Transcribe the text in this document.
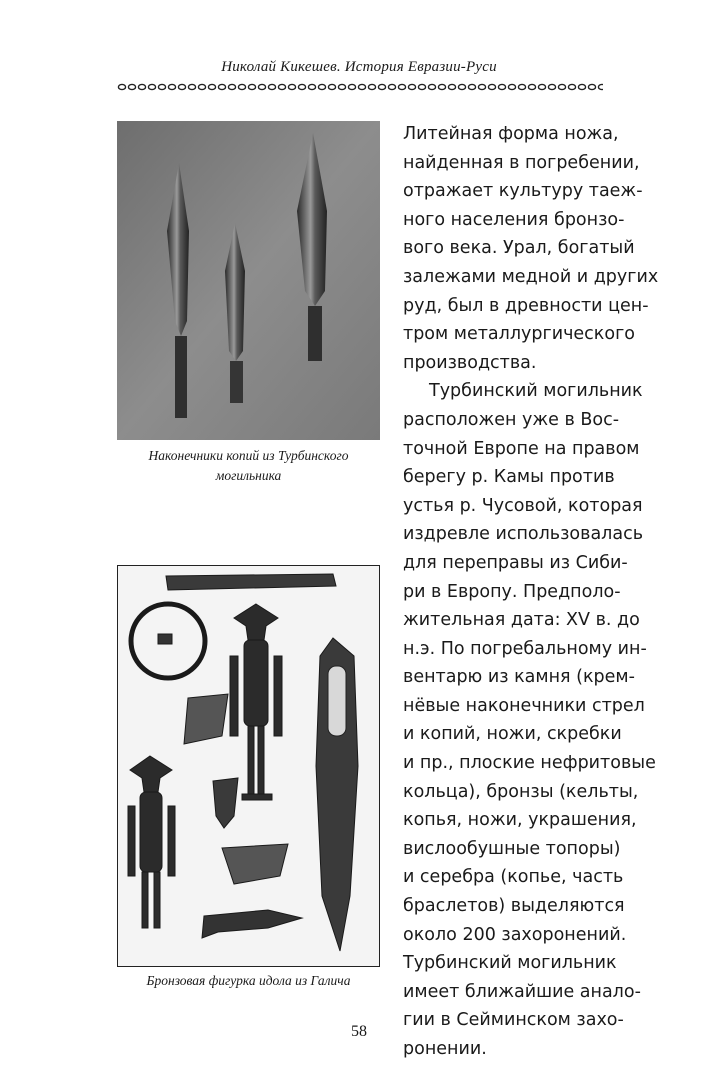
Николай Кикешев. История Евразии-Руси
Наконечники копий из Турбинского
могильника
Бронзовая фигурка идола из Галича
Литейная форма ножа,
найденная в погребении,
отражает культуру таеж-
ного населения бронзо-
вого века. Урал, богатый
залежами медной и других
руд, был в древности цен-
тром металлургического
производства.
Турбинский могильник
расположен уже в Вос-
точной Европе на правом
берегу р. Камы против
устья р. Чусовой, которая
издревле использовалась
для переправы из Сиби-
ри в Европу. Предполо-
жительная дата: XV в. до
н.э. По погребальному ин-
вентарю из камня (крем-
нёвые наконечники стрел
и копий, ножи, скребки
и пр., плоские нефритовые
кольца), бронзы (кельты,
копья, ножи, украшения,
вислообушные топоры)
и серебра (копье, часть
браслетов) выделяются
около 200 захоронений.
Турбинский могильник
имеет ближайшие анало-
гии в Сейминском захо-
ронении.
58
